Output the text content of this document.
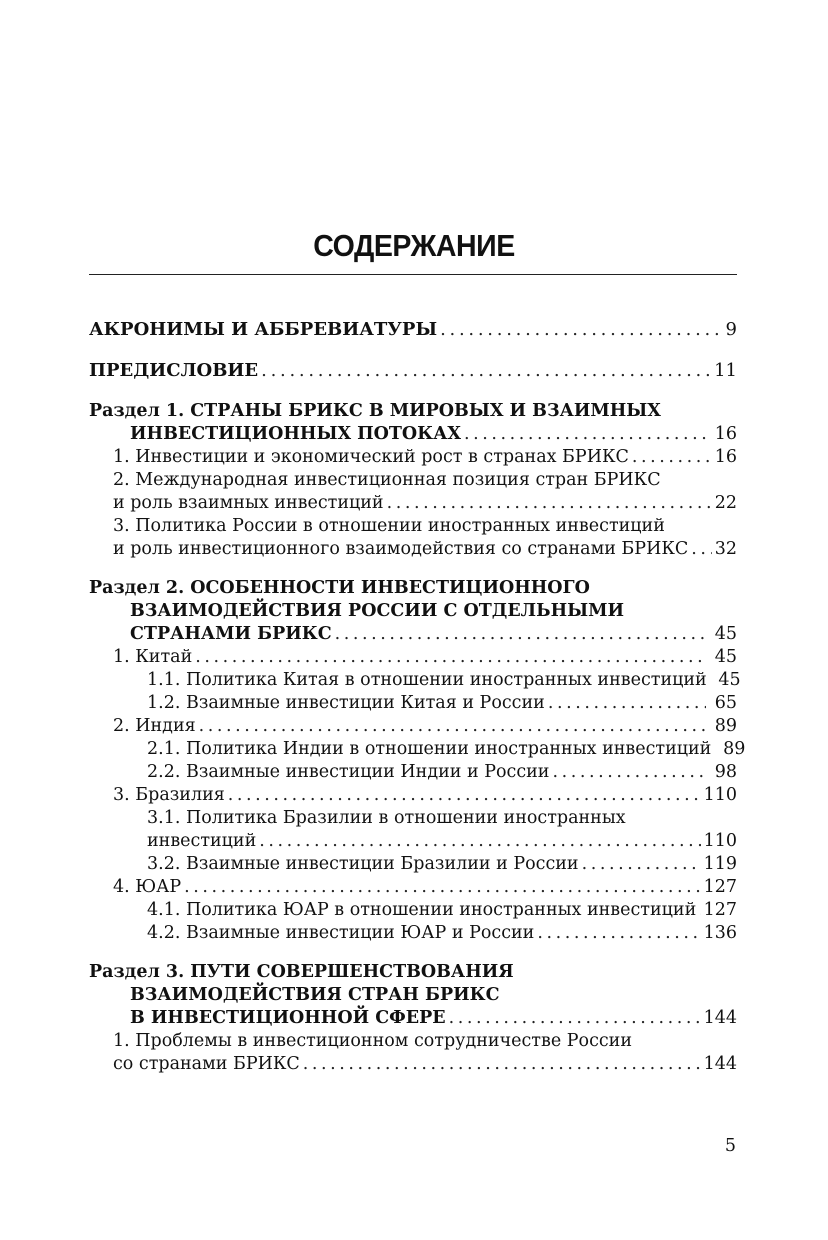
СОДЕРЖАНИЕ
АКРОНИМЫ И АББРЕВИАТУРЫ . . .	9
ПРЕДИСЛОВИЕ . . .	11
Раздел 1. СТРАНЫ БРИКС В МИРОВЫХ И ВЗАИМНЫХ
ИНВЕСТИЦИОННЫХ ПОТОКАХ . . .	16
1. Инвестиции и экономический рост в странах БРИКС . . .	16
2. Международная инвестиционная позиция стран БРИКС
и роль взаимных инвестиций . . .	22
3. Политика России в отношении иностранных инвестиций
и роль инвестиционного взаимодействия со странами БРИКС . . . 32
Раздел 2. ОСОБЕННОСТИ ИНВЕСТИЦИОННОГО
ВЗАИМОДЕЙСТВИЯ РОССИИ С ОТДЕЛЬНЫМИ
СТРАНАМИ БРИКС . . .	45
1. Китай . . .	45
1.1. Политика Китая в отношении иностранных инвестиций 45
1.2. Взаимные инвестиции Китая и России . . .	65
2. Индия . . .	89
2.1. Политика Индии в отношении иностранных инвестиций 89
2.2. Взаимные инвестиции Индии и России . . .	98
3. Бразилия . . .	110
3.1. Политика Бразилии в отношении иностранных
инвестиций . . .	110
3.2. Взаимные инвестиции Бразилии и России . . .	119
4. ЮАР . . .	127
4.1. Политика ЮАР в отношении иностранных инвестиций . . . 127
4.2. Взаимные инвестиции ЮАР и России . . .	136
Раздел 3. ПУТИ СОВЕРШЕНСТВОВАНИЯ
ВЗАИМОДЕЙСТВИЯ СТРАН БРИКС
В ИНВЕСТИЦИОННОЙ СФЕРЕ . . .	144
1. Проблемы в инвестиционном сотрудничестве России
со странами БРИКС . . .	144
5
